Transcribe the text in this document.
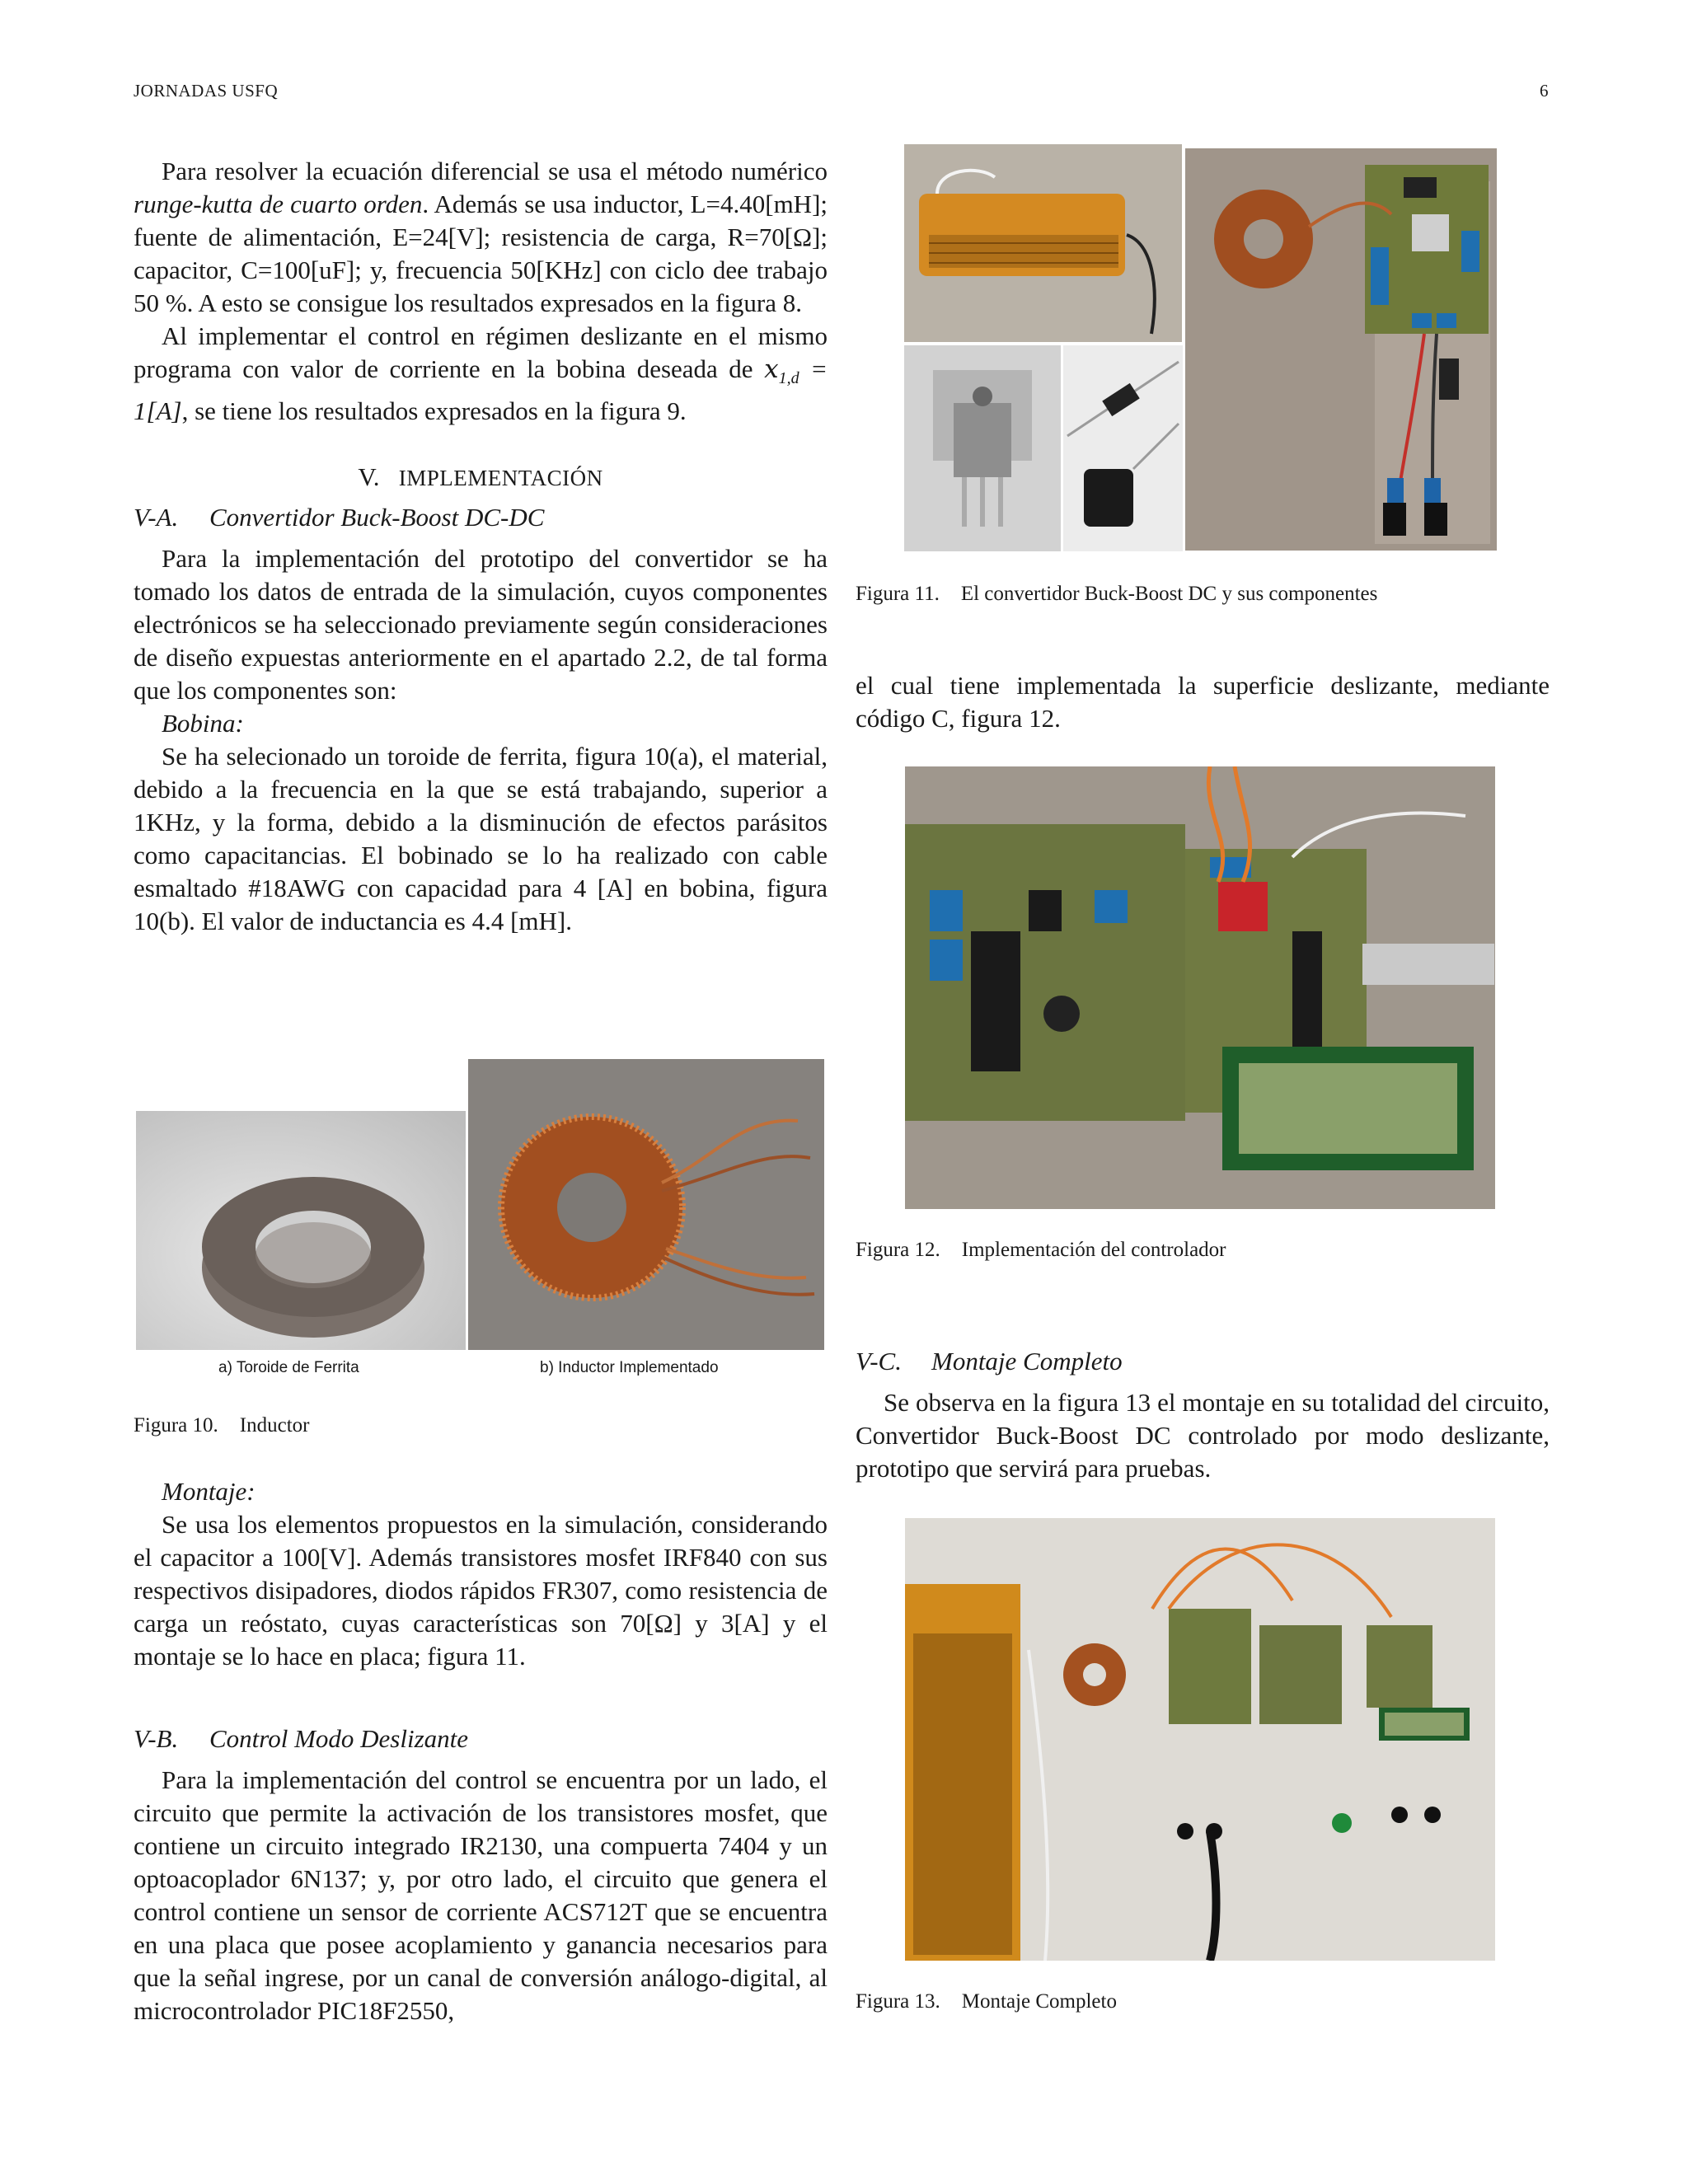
JORNADAS USFQ	6

Para resolver la ecuación diferencial se usa el método numérico runge-kutta de cuarto orden. Además se usa inductor, L=4.40[mH]; fuente de alimentación, E=24[V]; resistencia de carga, R=70[Ω]; capacitor, C=100[uF]; y, frecuencia 50[KHz] con ciclo dee trabajo 50 %. A esto se consigue los resultados expresados en la figura 8.

Al implementar el control en régimen deslizante en el mismo programa con valor de corriente en la bobina deseada de $x_{1,d} = 1[A]$, se tiene los resultados expresados en la figura 9.

V. IMPLEMENTACIÓN
V-A. Convertidor Buck-Boost DC-DC

Para la implementación del prototipo del convertidor se ha tomado los datos de entrada de la simulación, cuyos componentes electrónicos se ha seleccionado previamente según consideraciones de diseño expuestas anteriormente en el apartado 2.2, de tal forma que los componentes son:

Bobina:

Se ha selecionado un toroide de ferrita, figura 10(a), el material, debido a la frecuencia en la que se está trabajando, superior a 1KHz, y la forma, debido a la disminución de efectos parásitos como capacitancias. El bobinado se lo ha realizado con cable esmaltado #18AWG con capacidad para 4 [A] en bobina, figura 10(b). El valor de inductancia es 4.4 [mH].

a) Toroide de Ferrita	b) Inductor Implementado
Figura 10. Inductor
Montaje:

Se usa los elementos propuestos en la simulación, considerando el capacitor a 100[V]. Además transistores mosfet IRF840 con sus respectivos disipadores, diodos rápidos FR307, como resistencia de carga un reóstato, cuyas características son 70[Ω] y 3[A] y el montaje se lo hace en placa; figura 11.

V-B. Control Modo Deslizante

Para la implementación del control se encuentra por un lado, el circuito que permite la activación de los transistores mosfet, que contiene un circuito integrado IR2130, una compuerta 7404 y un optoacoplador 6N137; y, por otro lado, el circuito que genera el control contiene un sensor de corriente ACS712T que se encuentra en una placa que posee acoplamiento y ganancia necesarios para que la señal ingrese, por un canal de conversión análogo-digital, al microcontrolador PIC18F2550,

Figura 11. El convertidor Buck-Boost DC y sus componentes

el cual tiene implementada la superficie deslizante, mediante código C, figura 12.

Figura 12. Implementación del controlador
V-C. Montaje Completo

Se observa en la figura 13 el montaje en su totalidad del circuito, Convertidor Buck-Boost DC controlado por modo deslizante, prototipo que servirá para pruebas.

Figura 13. Montaje Completo
